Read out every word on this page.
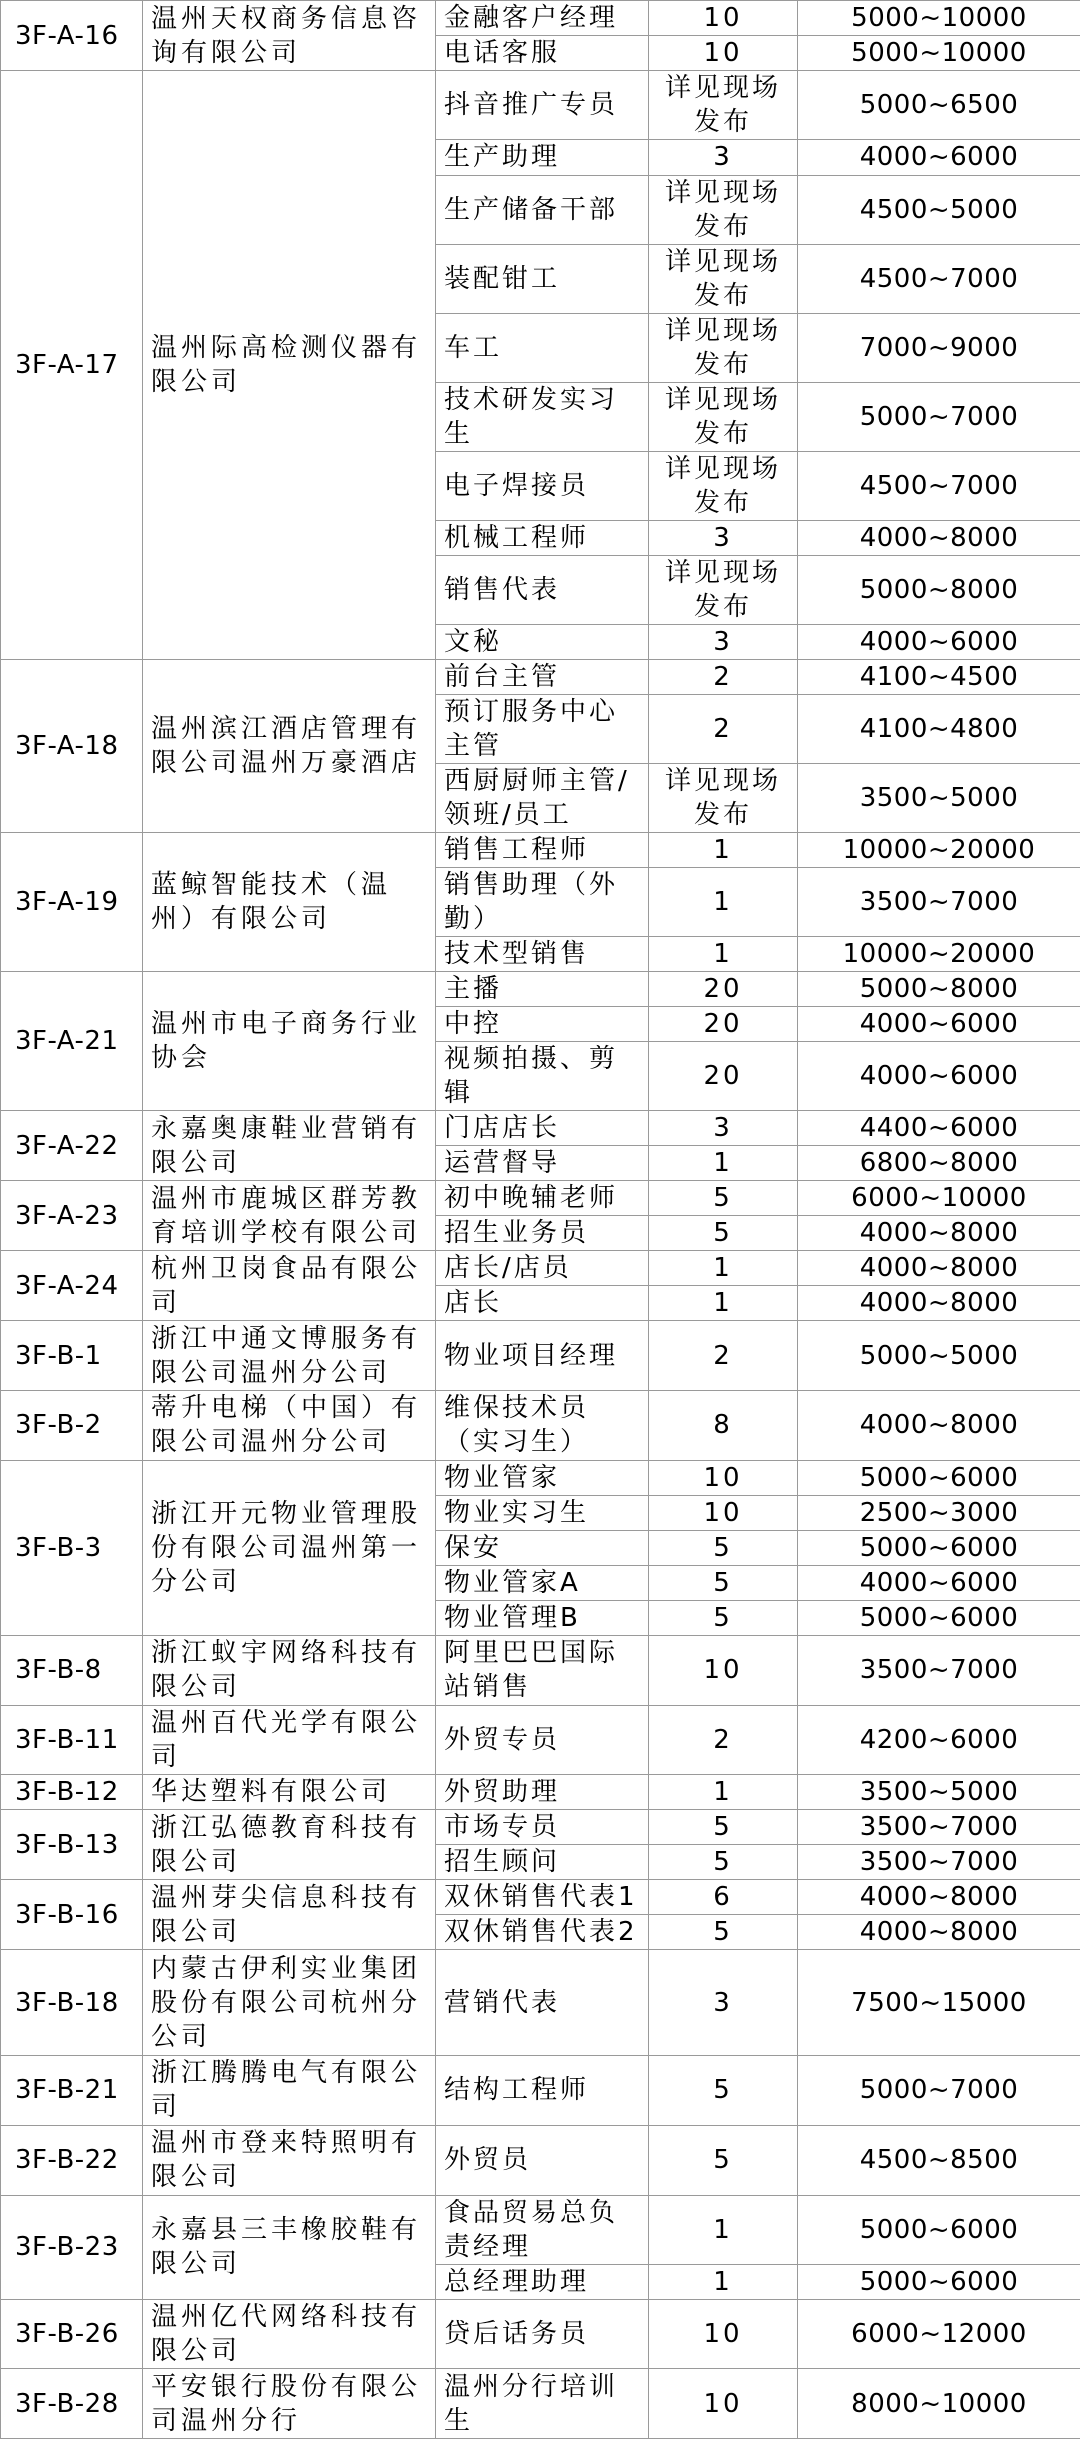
3F-A-16	温州天权商务信息咨询有限公司	金融客户经理	10	5000~10000
		电话客服	10	5000~10000
3F-A-17	温州际高检测仪器有限公司	抖音推广专员	详见现场发布	5000~6500
		生产助理	3	4000~6000
		生产储备干部	详见现场发布	4500~5000
		装配钳工	详见现场发布	4500~7000
		车工	详见现场发布	7000~9000
		技术研发实习生	详见现场发布	5000~7000
		电子焊接员	详见现场发布	4500~7000
		机械工程师	3	4000~8000
		销售代表	详见现场发布	5000~8000
		文秘	3	4000~6000
3F-A-18	温州滨江酒店管理有限公司温州万豪酒店	前台主管	2	4100~4500
		预订服务中心主管	2	4100~4800
		西厨厨师主管/领班/员工	详见现场发布	3500~5000
3F-A-19	蓝鲸智能技术（温州）有限公司	销售工程师	1	10000~20000
		销售助理（外勤）	1	3500~7000
		技术型销售	1	10000~20000
3F-A-21	温州市电子商务行业协会	主播	20	5000~8000
		中控	20	4000~6000
		视频拍摄、剪辑	20	4000~6000
3F-A-22	永嘉奥康鞋业营销有限公司	门店店长	3	4400~6000
		运营督导	1	6800~8000
3F-A-23	温州市鹿城区群芳教育培训学校有限公司	初中晚辅老师	5	6000~10000
		招生业务员	5	4000~8000
3F-A-24	杭州卫岗食品有限公司	店长/店员	1	4000~8000
		店长	1	4000~8000
3F-B-1	浙江中通文博服务有限公司温州分公司	物业项目经理	2	5000~5000
3F-B-2	蒂升电梯（中国）有限公司温州分公司	维保技术员（实习生）	8	4000~8000
3F-B-3	浙江开元物业管理股份有限公司温州第一分公司	物业管家	10	5000~6000
		物业实习生	10	2500~3000
		保安	5	5000~6000
		物业管家A	5	4000~6000
		物业管理B	5	5000~6000
3F-B-8	浙江蚁宇网络科技有限公司	阿里巴巴国际站销售	10	3500~7000
3F-B-11	温州百代光学有限公司	外贸专员	2	4200~6000
3F-B-12	华达塑料有限公司	外贸助理	1	3500~5000
3F-B-13	浙江弘德教育科技有限公司	市场专员	5	3500~7000
		招生顾问	5	3500~7000
3F-B-16	温州芽尖信息科技有限公司	双休销售代表1	6	4000~8000
		双休销售代表2	5	4000~8000
3F-B-18	内蒙古伊利实业集团股份有限公司杭州分公司	营销代表	3	7500~15000
3F-B-21	浙江腾腾电气有限公司	结构工程师	5	5000~7000
3F-B-22	温州市登来特照明有限公司	外贸员	5	4500~8500
3F-B-23	永嘉县三丰橡胶鞋有限公司	食品贸易总负责经理	1	5000~6000
		总经理助理	1	5000~6000
3F-B-26	温州亿代网络科技有限公司	贷后话务员	10	6000~12000
3F-B-28	平安银行股份有限公司温州分行	温州分行培训生	10	8000~10000
